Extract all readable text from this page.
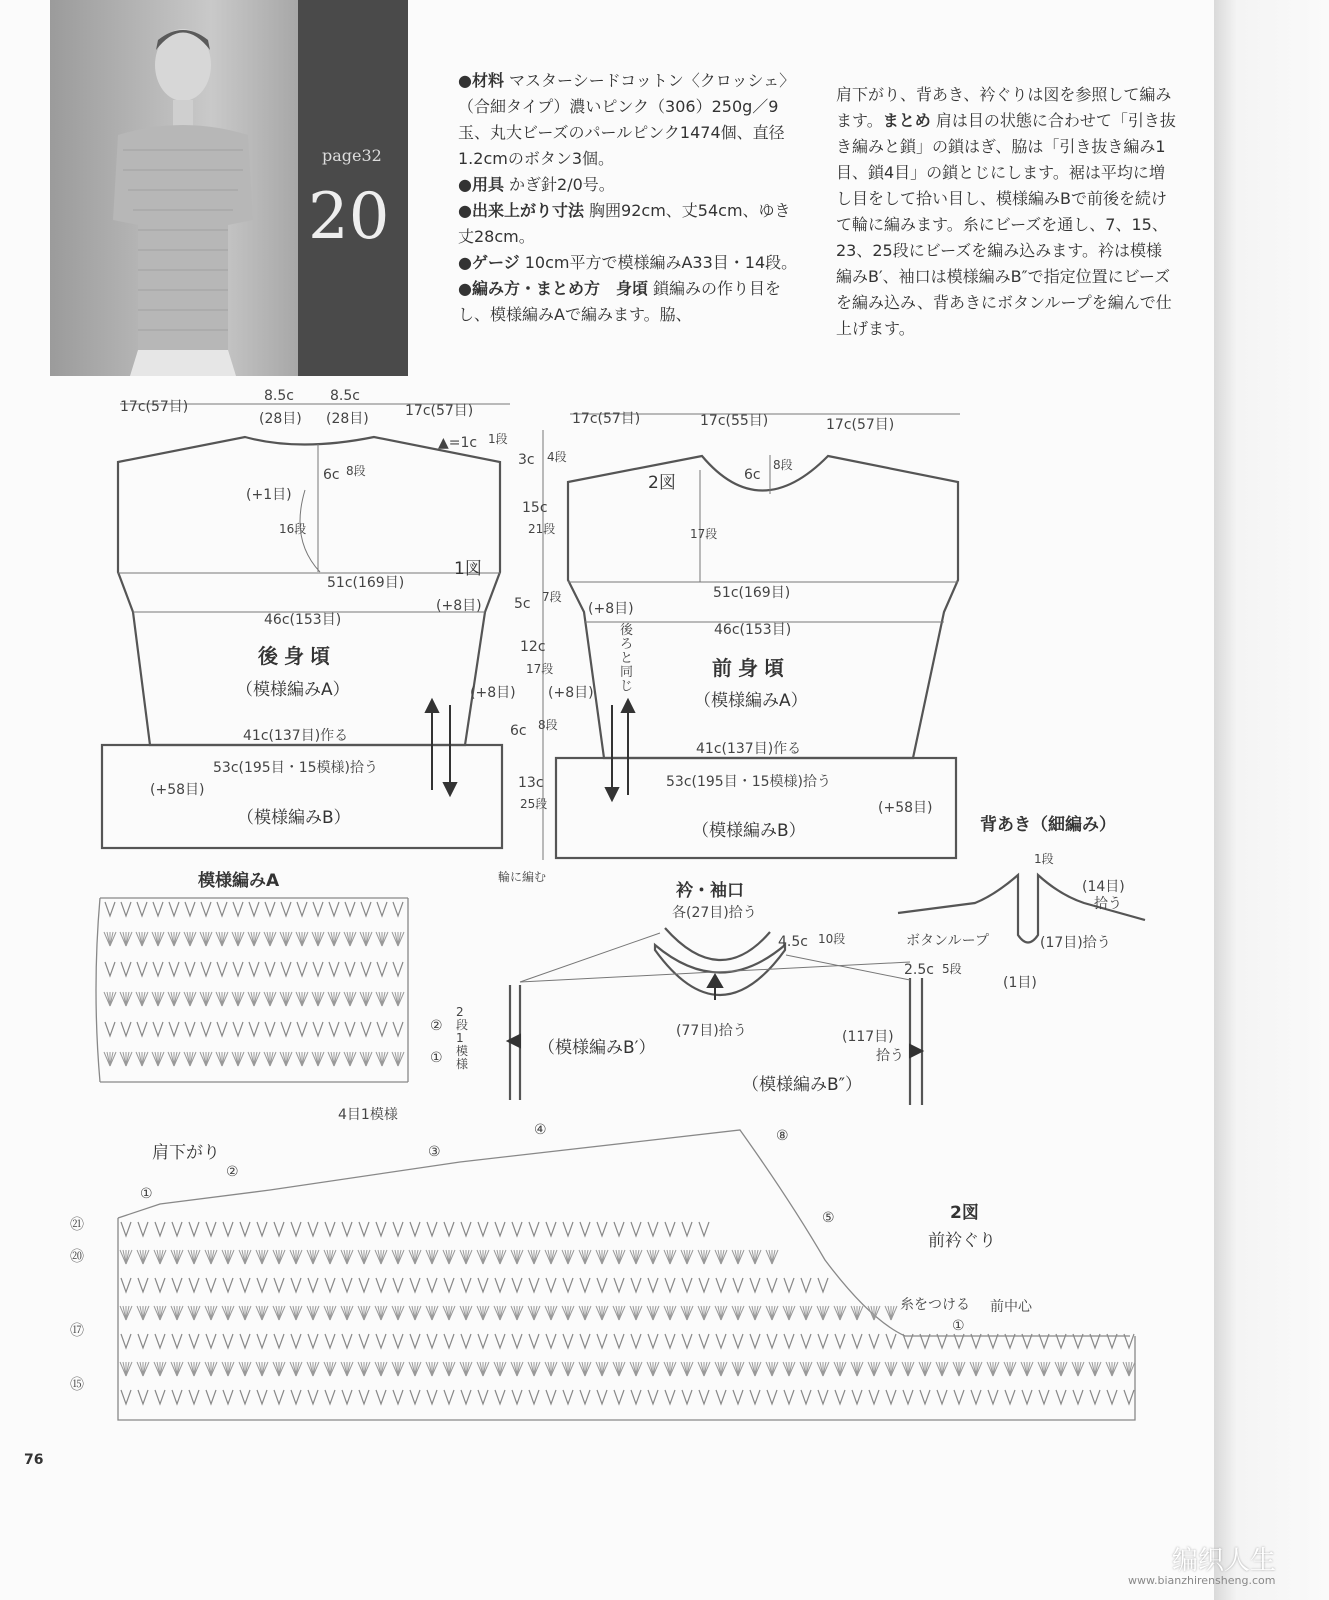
page32
20
●材料 マスターシードコットン〈クロッシェ〉（合細タイプ）濃いピンク（306）250g／9玉、丸大ビーズのパールピンク1474個、直径1.2cmのボタン3個。
●用具 かぎ針2/0号。
●出来上がり寸法 胸囲92cm、丈54cm、ゆき丈28cm。
●ゲージ 10cm平方で模様編みA33目・14段。
●編み方・まとめ方　身頃 鎖編みの作り目をし、模様編みAで編みます。脇、
肩下がり、背あき、衿ぐりは図を参照して編みます。まとめ 肩は目の状態に合わせて「引き抜き編みと鎖」の鎖はぎ、脇は「引き抜き編み1目、鎖4目」の鎖とじにします。裾は平均に増し目をして拾い目し、模様編みBで前後を続けて輪に編みます。糸にビーズを通し、7、15、23、25段にビーズを編み込みます。衿は模様編みB′、袖口は模様編みB″で指定位置にビーズを編み込み、背あきにボタンループを編んで仕上げます。
17c(57目)
8.5c
(28目)
8.5c
(28目)	17c(57目)
▲=1c 1段
6c 8段
(+1目)
16段
51c(169目)
1図
(+8目)
46c(153目)
後身頃
（模様編みA）	(+8目)
41c(137目)作る
53c(195目・15模様)拾う
(+58目)
（模様編みB）
3c 4段
15c
21段
5c 7段
12c
17段
6c 8段
13c
25段
輪に編む
17c(57目)	17c(55目)	17c(57目)
2図	6c
8段
17段
51c(169目)
(+8目)
46c(153目)
後ろと同じ
前身頃
(+8目)	（模様編みA）
41c(137目)作る
53c(195目・15模様)拾う
(+58目)
（模様編みB）	背あき（細編み）
1段
(14目)
拾う
ボタンループ	(17目)拾う
(1目)
衿・袖口
各(27目)拾う
4.5c 10段
2.5c 5段
(77目)拾う	(117目)
拾う
（模様編みB′）
（模様編みB″）
模様編みA
4目1模様
2段1模様
②
①
肩下がり
2図
前衿ぐり
糸をつける 前中心
①
②
③
④
⑤
⑧
①
㉑
⑳
⑰
⑮
76
编织人生
www.bianzhirensheng.com
